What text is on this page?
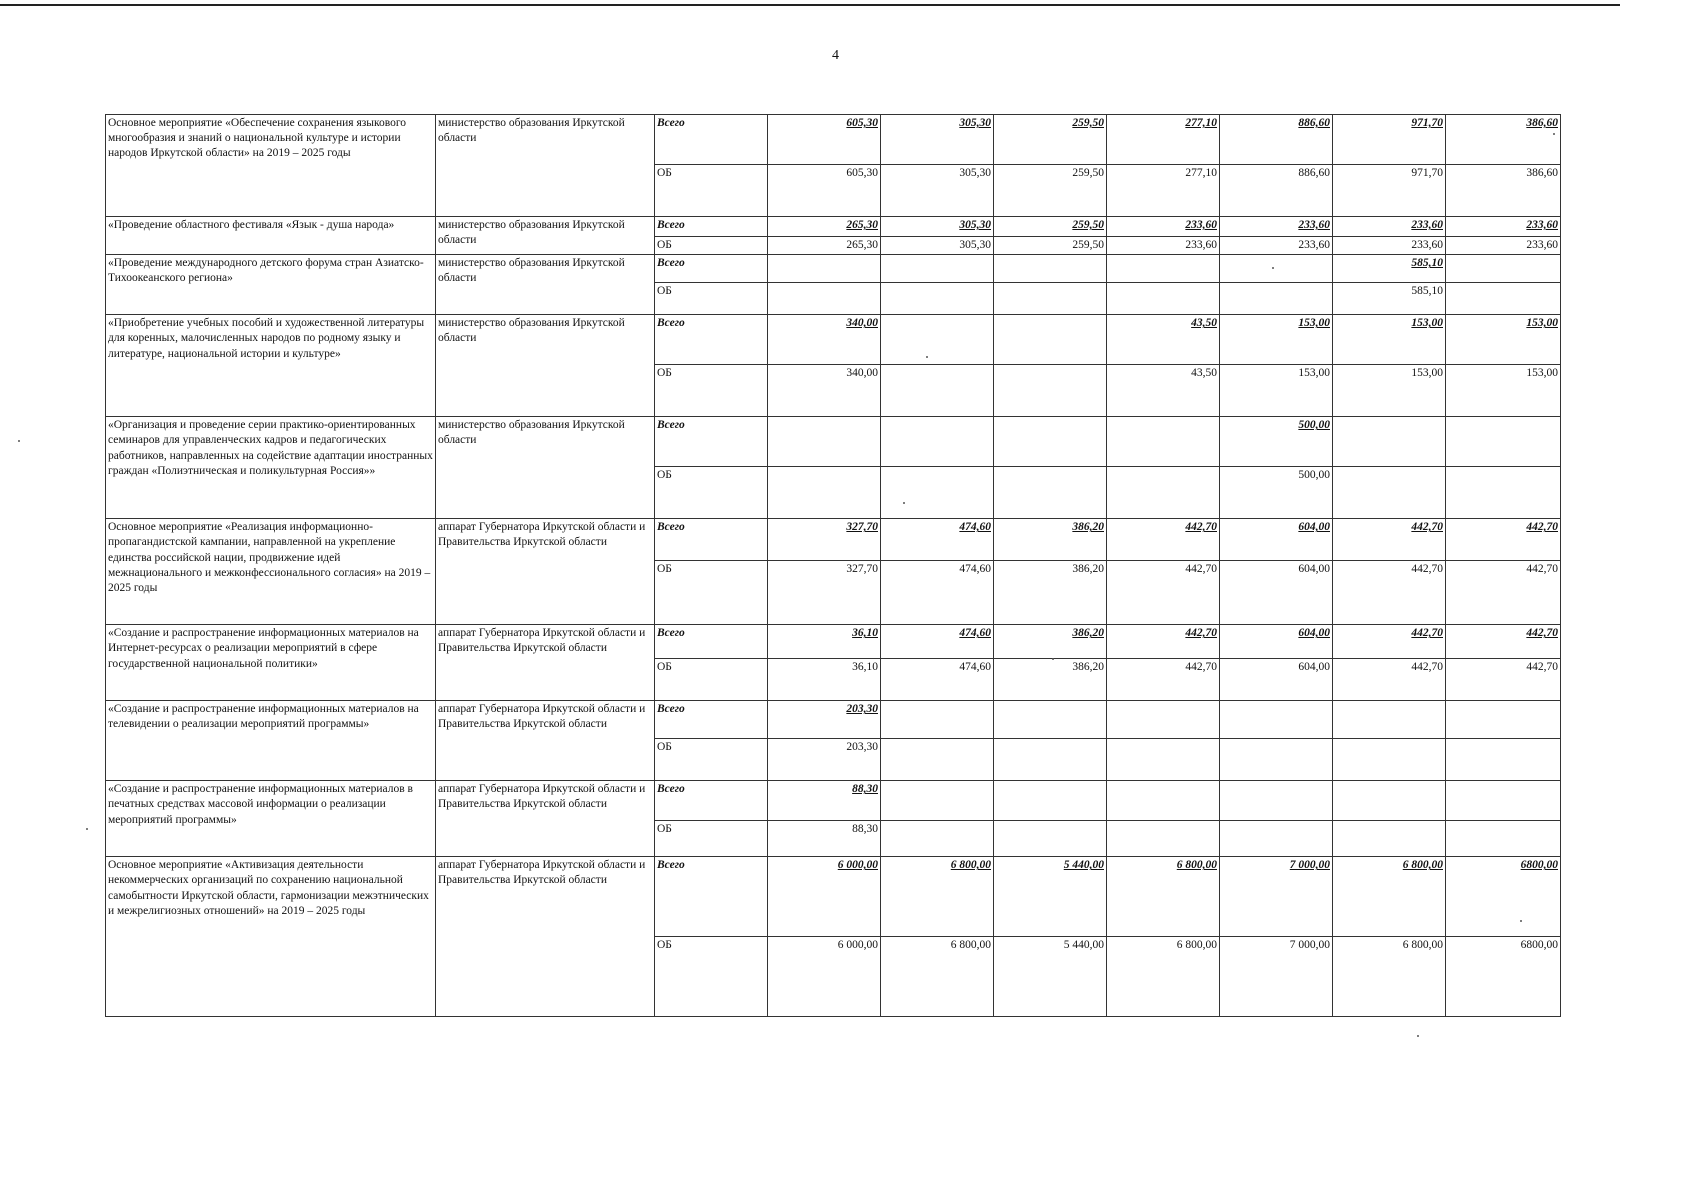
4
Основное мероприятие «Обеспечение сохранения языкового многообразия и знаний о национальной культуре и истории народов Иркутской области» на 2019 – 2025 годы	министерство образования Иркутской области	Всего	605,30	305,30	259,50	277,10	886,60	971,70	386,60
		ОБ	605,30	305,30	259,50	277,10	886,60	971,70	386,60
«Проведение областного фестиваля «Язык - душа народа»	министерство образования Иркутской области	Всего	265,30	305,30	259,50	233,60	233,60	233,60	233,60
		ОБ	265,30	305,30	259,50	233,60	233,60	233,60	233,60
«Проведение международного детского форума стран Азиатско-Тихоокеанского региона»	министерство образования Иркутской области	Всего						585,10	
		ОБ						585,10	
«Приобретение учебных пособий и художественной литературы для коренных, малочисленных народов по родному языку и литературе, национальной истории и культуре»	министерство образования Иркутской области	Всего	340,00			43,50	153,00	153,00	153,00
		ОБ	340,00			43,50	153,00	153,00	153,00
«Организация и проведение серии практико-ориентированных семинаров для управленческих кадров и педагогических работников, направленных на содействие адаптации иностранных граждан «Полиэтническая и поликультурная Россия»»	министерство образования Иркутской области	Всего					500,00		
		ОБ					500,00		
Основное мероприятие «Реализация информационно-пропагандистской кампании, направленной на укрепление единства российской нации, продвижение идей межнационального и межконфессионального согласия» на 2019 – 2025 годы	аппарат Губернатора Иркутской области и Правительства Иркутской области	Всего	327,70	474,60	386,20	442,70	604,00	442,70	442,70
		ОБ	327,70	474,60	386,20	442,70	604,00	442,70	442,70
«Создание и распространение информационных материалов на Интернет-ресурсах о реализации мероприятий в сфере государственной национальной политики»	аппарат Губернатора Иркутской области и Правительства Иркутской области	Всего	36,10	474,60	386,20	442,70	604,00	442,70	442,70
		ОБ	36,10	474,60	386,20	442,70	604,00	442,70	442,70
«Создание и распространение информационных материалов на телевидении о реализации мероприятий программы»	аппарат Губернатора Иркутской области и Правительства Иркутской области	Всего	203,30						
		ОБ	203,30						
«Создание и распространение информационных материалов в печатных средствах массовой информации о реализации мероприятий программы»	аппарат Губернатора Иркутской области и Правительства Иркутской области	Всего	88,30						
		ОБ	88,30						
Основное мероприятие «Активизация деятельности некоммерческих организаций по сохранению национальной самобытности Иркутской области, гармонизации межэтнических и межрелигиозных отношений» на 2019 – 2025 годы	аппарат Губернатора Иркутской области и Правительства Иркутской области	Всего	6 000,00	6 800,00	5 440,00	6 800,00	7 000,00	6 800,00	6800,00
		ОБ	6 000,00	6 800,00	5 440,00	6 800,00	7 000,00	6 800,00	6800,00
